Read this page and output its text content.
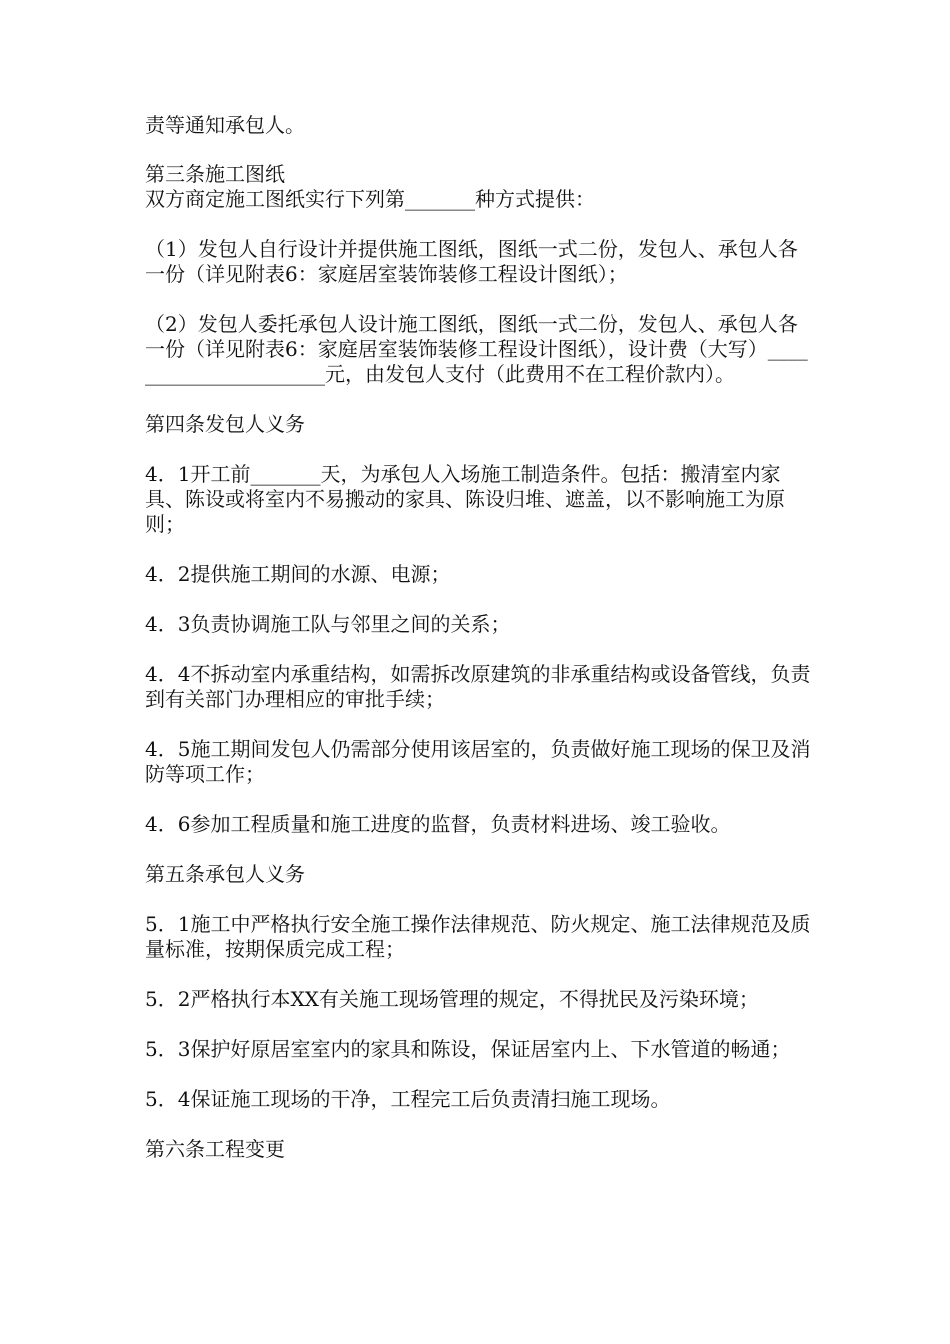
责等通知承包人。

第三条施工图纸

双方商定施工图纸实行下列第_______种方式提供：

（1）发包人自行设计并提供施工图纸，图纸一式二份，发包人、承包人各一份（详见附表6：家庭居室装饰装修工程设计图纸）；

（2）发包人委托承包人设计施工图纸，图纸一式二份，发包人、承包人各一份（详见附表6：家庭居室装饰装修工程设计图纸），设计费（大写）______________________元，由发包人支付（此费用不在工程价款内）。

第四条发包人义务

4．1开工前_______天，为承包人入场施工制造条件。包括：搬清室内家具、陈设或将室内不易搬动的家具、陈设归堆、遮盖，以不影响施工为原则；

4．2提供施工期间的水源、电源；

4．3负责协调施工队与邻里之间的关系；

4．4不拆动室内承重结构，如需拆改原建筑的非承重结构或设备管线，负责到有关部门办理相应的审批手续；

4．5施工期间发包人仍需部分使用该居室的，负责做好施工现场的保卫及消防等项工作；

4．6参加工程质量和施工进度的监督，负责材料进场、竣工验收。

第五条承包人义务

5．1施工中严格执行安全施工操作法律规范、防火规定、施工法律规范及质量标准，按期保质完成工程；

5．2严格执行本XX有关施工现场管理的规定，不得扰民及污染环境；

5．3保护好原居室室内的家具和陈设，保证居室内上、下水管道的畅通；

5．4保证施工现场的干净，工程完工后负责清扫施工现场。

第六条工程变更
